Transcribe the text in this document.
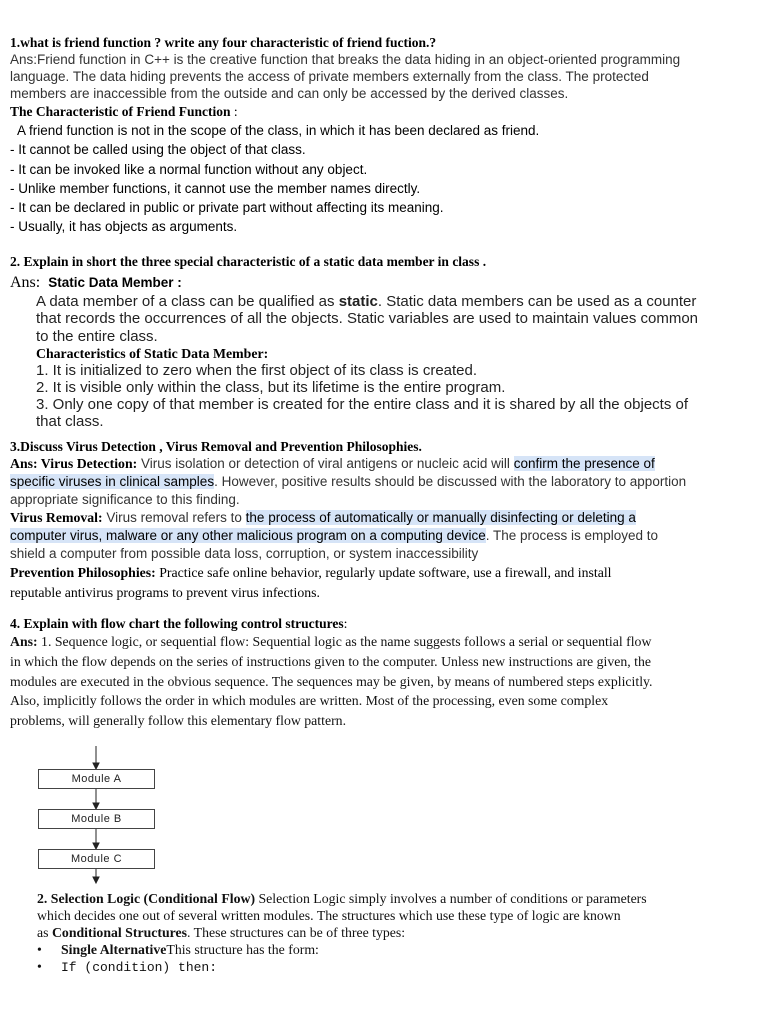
1.what is friend function ? write any four characteristic of friend fuction.?
Ans:Friend function in C++ is the creative function that breaks the data hiding in an object-oriented programming
language. The data hiding prevents the access of private members externally from the class. The protected
members are inaccessible from the outside and can only be accessed by the derived classes.
The Characteristic of Friend Function :
A friend function is not in the scope of the class, in which it has been declared as friend.
- It cannot be called using the object of that class.
- It can be invoked like a normal function without any object.
- Unlike member functions, it cannot use the member names directly.
- It can be declared in public or private part without affecting its meaning.
- Usually, it has objects as arguments.
2. Explain in short the three special characteristic of a static data member in class .
Ans: Static Data Member :
A data member of a class can be qualified as static. Static data members can be used as a counter
that records the occurrences of all the objects. Static variables are used to maintain values common
to the entire class.
Characteristics of Static Data Member:
1. It is initialized to zero when the first object of its class is created.
2. It is visible only within the class, but its lifetime is the entire program.
3. Only one copy of that member is created for the entire class and it is shared by all the objects of
that class.
3.Discuss Virus Detection , Virus Removal and Prevention Philosophies.
Ans: Virus Detection: Virus isolation or detection of viral antigens or nucleic acid will confirm the presence of
specific viruses in clinical samples. However, positive results should be discussed with the laboratory to apportion
appropriate significance to this finding.
Virus Removal: Virus removal refers to the process of automatically or manually disinfecting or deleting a
computer virus, malware or any other malicious program on a computing device. The process is employed to
shield a computer from possible data loss, corruption, or system inaccessibility
Prevention Philosophies: Practice safe online behavior, regularly update software, use a firewall, and install
reputable antivirus programs to prevent virus infections.
4. Explain with flow chart the following control structures:
Ans: 1. Sequence logic, or sequential flow: Sequential logic as the name suggests follows a serial or sequential flow
in which the flow depends on the series of instructions given to the computer. Unless new instructions are given, the
modules are executed in the obvious sequence. The sequences may be given, by means of numbered steps explicitly.
Also, implicitly follows the order in which modules are written. Most of the processing, even some complex
problems, will generally follow this elementary flow pattern.
Module A
Module B
Module C
2. Selection Logic (Conditional Flow) Selection Logic simply involves a number of conditions or parameters
which decides one out of several written modules. The structures which use these type of logic are known
as Conditional Structures. These structures can be of three types:
• Single AlternativeThis structure has the form:
• If (condition) then:
